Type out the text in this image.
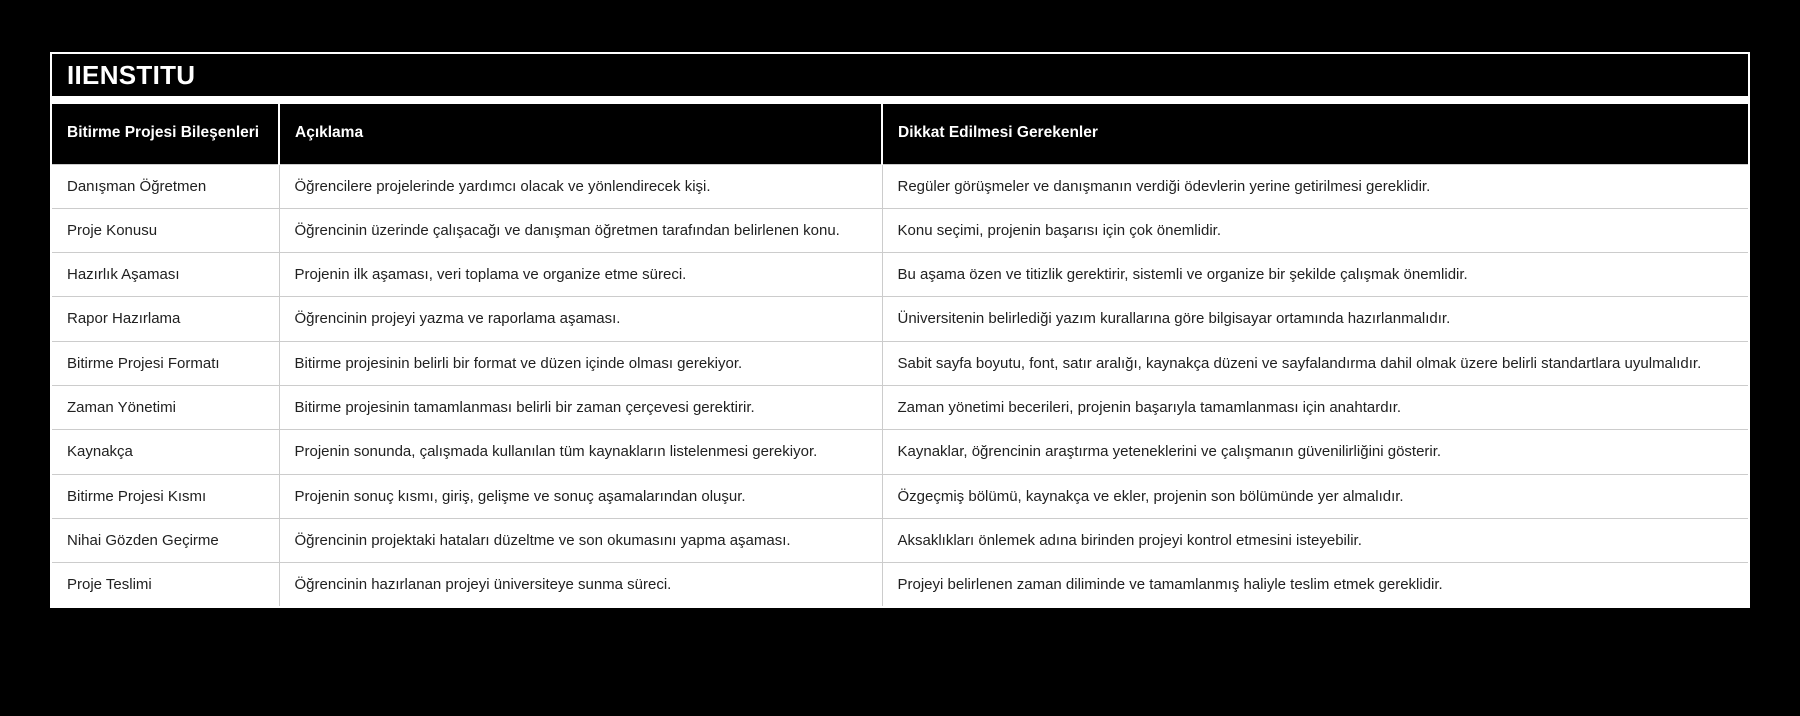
IIENSTITU
Bitirme Projesi Bileşenleri	Açıklama	Dikkat Edilmesi Gerekenler
Danışman Öğretmen	Öğrencilere projelerinde yardımcı olacak ve yönlendirecek kişi.	Regüler görüşmeler ve danışmanın verdiği ödevlerin yerine getirilmesi gereklidir.
Proje Konusu	Öğrencinin üzerinde çalışacağı ve danışman öğretmen tarafından belirlenen konu.	Konu seçimi, projenin başarısı için çok önemlidir.
Hazırlık Aşaması	Projenin ilk aşaması, veri toplama ve organize etme süreci.	Bu aşama özen ve titizlik gerektirir, sistemli ve organize bir şekilde çalışmak önemlidir.
Rapor Hazırlama	Öğrencinin projeyi yazma ve raporlama aşaması.	Üniversitenin belirlediği yazım kurallarına göre bilgisayar ortamında hazırlanmalıdır.
Bitirme Projesi Formatı	Bitirme projesinin belirli bir format ve düzen içinde olması gerekiyor.	Sabit sayfa boyutu, font, satır aralığı, kaynakça düzeni ve sayfalandırma dahil olmak üzere belirli standartlara uyulmalıdır.
Zaman Yönetimi	Bitirme projesinin tamamlanması belirli bir zaman çerçevesi gerektirir.	Zaman yönetimi becerileri, projenin başarıyla tamamlanması için anahtardır.
Kaynakça	Projenin sonunda, çalışmada kullanılan tüm kaynakların listelenmesi gerekiyor.	Kaynaklar, öğrencinin araştırma yeteneklerini ve çalışmanın güvenilirliğini gösterir.
Bitirme Projesi Kısmı	Projenin sonuç kısmı, giriş, gelişme ve sonuç aşamalarından oluşur.	Özgeçmiş bölümü, kaynakça ve ekler, projenin son bölümünde yer almalıdır.
Nihai Gözden Geçirme	Öğrencinin projektaki hataları düzeltme ve son okumasını yapma aşaması.	Aksaklıkları önlemek adına birinden projeyi kontrol etmesini isteyebilir.
Proje Teslimi	Öğrencinin hazırlanan projeyi üniversiteye sunma süreci.	Projeyi belirlenen zaman diliminde ve tamamlanmış haliyle teslim etmek gereklidir.
